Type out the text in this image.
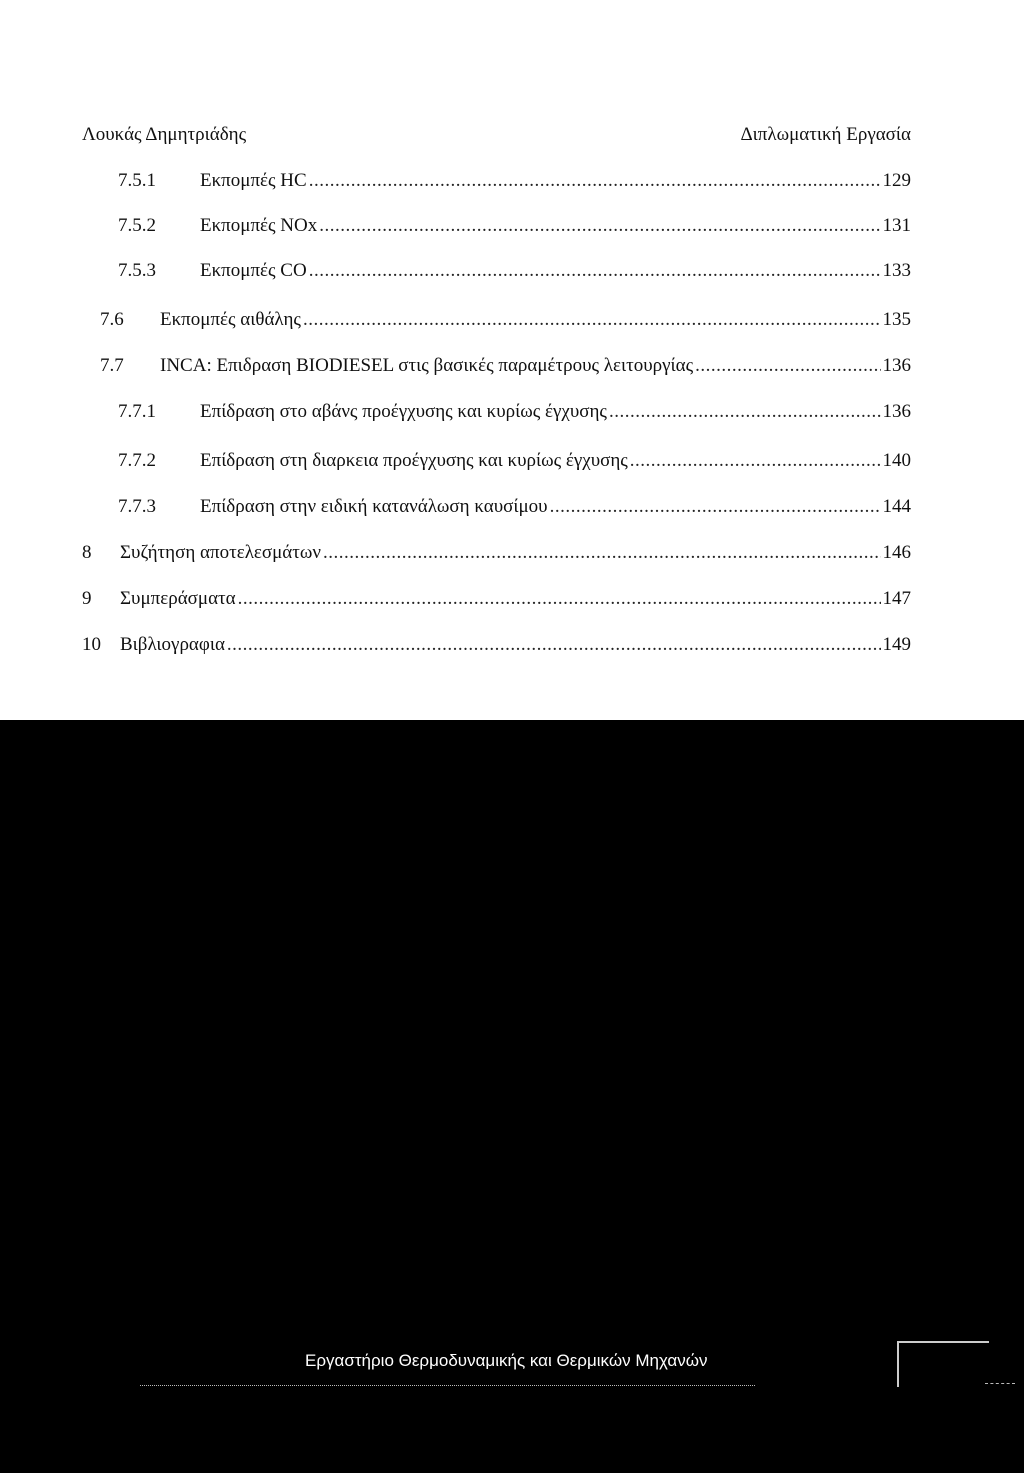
Λουκάς Δημητριάδης	Διπλωματική Εργασία
7.5.1 Εκπομπές HC .....	129
7.5.2 Εκπομπές NOx .....	131
7.5.3 Εκπομπές CO .....	133
7.6 Εκπομπές αιθάλης .....	135
7.7 INCA: Επιδραση BIODIESEL στις βασικές παραμέτρους λειτουργίας .....	136
7.7.1 Επίδραση στο αβάνς προέγχυσης και κυρίως έγχυσης .....	136
7.7.2 Επίδραση στη διαρκεια προέγχυσης και κυρίως έγχυσης .....	140
7.7.3 Επίδραση στην ειδική κατανάλωση καυσίμου .....	144
8 Συζήτηση αποτελεσμάτων .....	146
9 Συμπεράσματα .....	147
10 Βιβλιογραφια .....	149
Εργαστήριο Θερμοδυναμικής και Θερμικών Μηχανών
